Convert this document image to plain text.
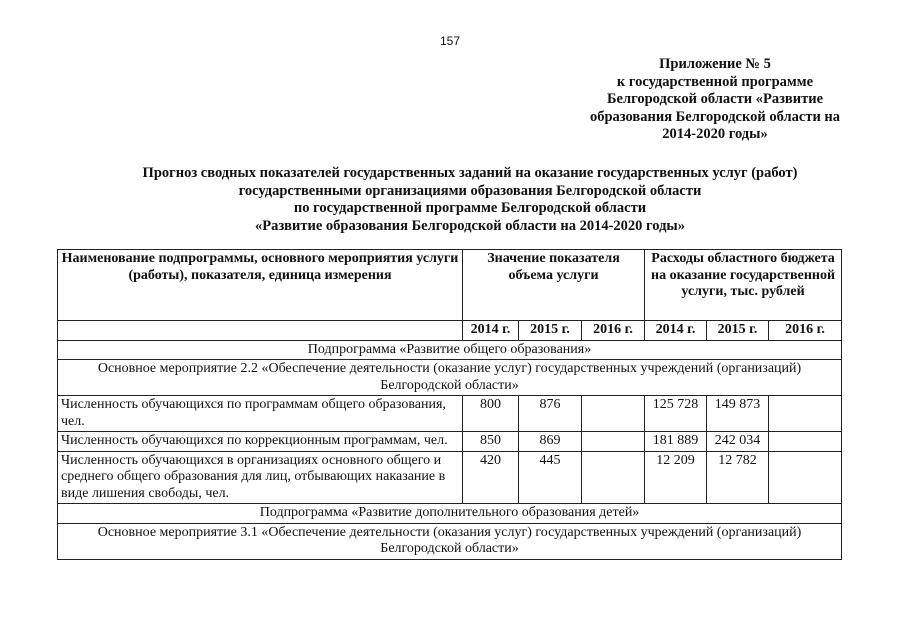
157
Приложение № 5
к государственной программе
Белгородской области «Развитие
образования Белгородской области на
2014-2020 годы»
Прогноз сводных показателей государственных заданий на оказание государственных услуг (работ)
государственными организациями образования Белгородской области
по государственной программе Белгородской области
«Развитие образования Белгородской области на 2014-2020 годы»
Наименование подпрограммы, основного мероприятия услуги (работы), показателя, единица измерения	Значение показателя объема услуги			Расходы областного бюджета на оказание государственной услуги, тыс. рублей		
	2014 г.	2015 г.	2016 г.	2014 г.	2015 г.	2016 г.
Подпрограмма «Развитие общего образования»						
Основное мероприятие 2.2 «Обеспечение деятельности (оказание услуг) государственных учреждений (организаций) Белгородской области»						
Численность обучающихся по программам общего образования, чел.	800	876		125 728	149 873	
Численность обучающихся по коррекционным программам, чел.	850	869		181 889	242 034	
Численность обучающихся в организациях основного общего и среднего общего образования для лиц, отбывающих наказание в виде лишения свободы, чел.	420	445		12 209	12 782	
Подпрограмма «Развитие дополнительного образования детей»						
Основное мероприятие 3.1 «Обеспечение деятельности (оказания услуг) государственных учреждений (организаций) Белгородской области»						
